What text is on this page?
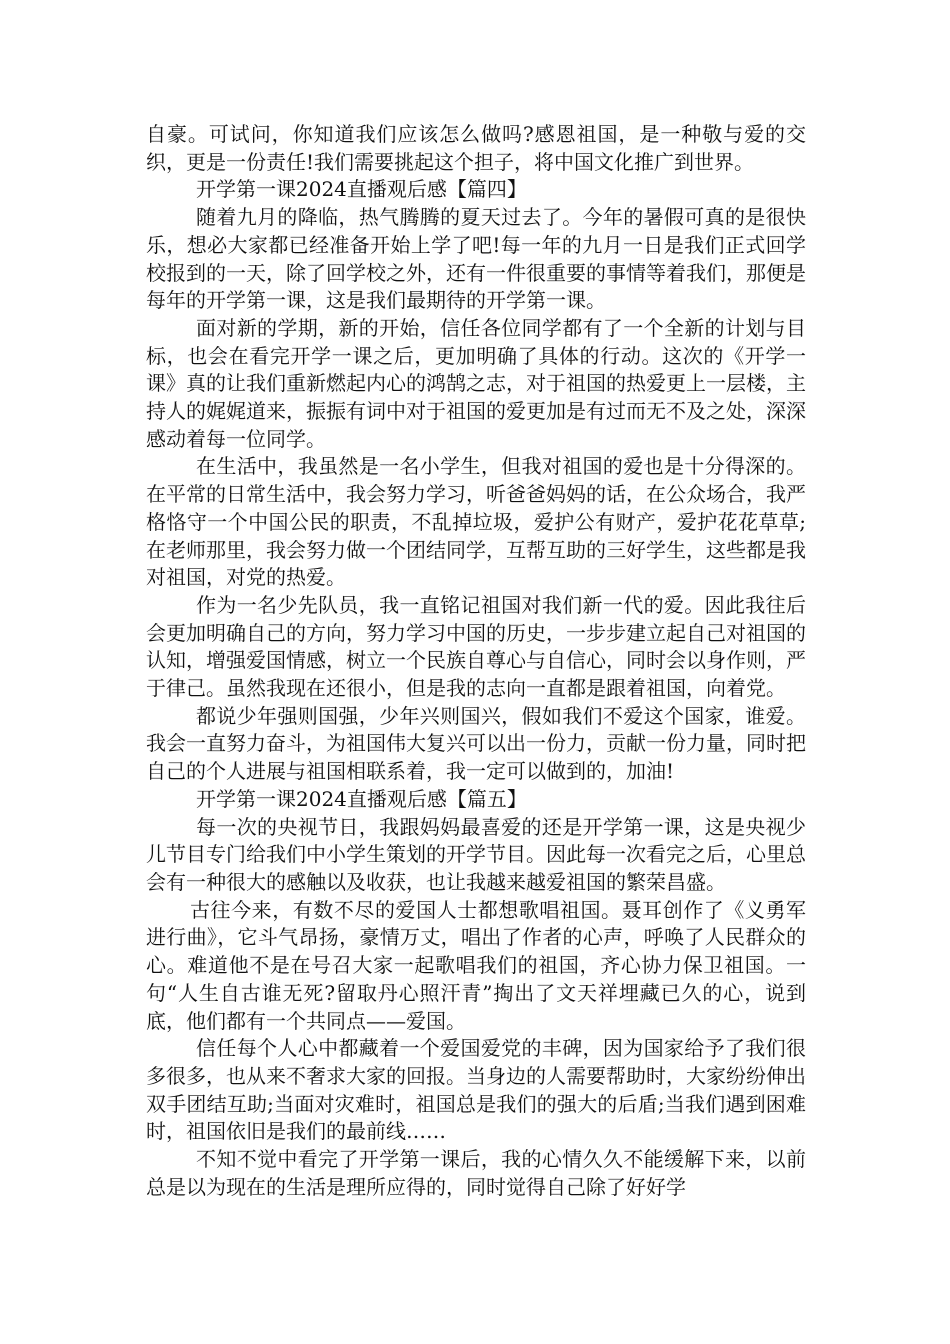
自豪。可试问，你知道我们应该怎么做吗?感恩祖国，是一种敬与爱的交织，更是一份责任!我们需要挑起这个担子，将中国文化推广到世界。

开学第一课2024直播观后感【篇四】

随着九月的降临，热气腾腾的夏天过去了。今年的暑假可真的是很快乐，想必大家都已经准备开始上学了吧!每一年的九月一日是我们正式回学校报到的一天，除了回学校之外，还有一件很重要的事情等着我们，那便是每年的开学第一课，这是我们最期待的开学第一课。

面对新的学期，新的开始，信任各位同学都有了一个全新的计划与目标，也会在看完开学一课之后，更加明确了具体的行动。这次的《开学一课》真的让我们重新燃起内心的鸿鹄之志，对于祖国的热爱更上一层楼，主持人的娓娓道来，振振有词中对于祖国的爱更加是有过而无不及之处，深深感动着每一位同学。

在生活中，我虽然是一名小学生，但我对祖国的爱也是十分得深的。在平常的日常生活中，我会努力学习，听爸爸妈妈的话，在公众场合，我严格恪守一个中国公民的职责，不乱掉垃圾，爱护公有财产，爱护花花草草;在老师那里，我会努力做一个团结同学，互帮互助的三好学生，这些都是我对祖国，对党的热爱。

作为一名少先队员，我一直铭记祖国对我们新一代的爱。因此我往后会更加明确自己的方向，努力学习中国的历史，一步步建立起自己对祖国的认知，增强爱国情感，树立一个民族自尊心与自信心，同时会以身作则，严于律己。虽然我现在还很小，但是我的志向一直都是跟着祖国，向着党。

都说少年强则国强，少年兴则国兴，假如我们不爱这个国家，谁爱。我会一直努力奋斗，为祖国伟大复兴可以出一份力，贡献一份力量，同时把自己的个人进展与祖国相联系着，我一定可以做到的，加油!

开学第一课2024直播观后感【篇五】

每一次的央视节日，我跟妈妈最喜爱的还是开学第一课，这是央视少儿节目专门给我们中小学生策划的开学节目。因此每一次看完之后，心里总会有一种很大的感触以及收获，也让我越来越爱祖国的繁荣昌盛。

古往今来，有数不尽的爱国人士都想歌唱祖国。聂耳创作了《义勇军进行曲》，它斗气昂扬，豪情万丈，唱出了作者的心声，呼唤了人民群众的心。难道他不是在号召大家一起歌唱我们的祖国，齐心协力保卫祖国。一句“人生自古谁无死?留取丹心照汗青”掏出了文天祥埋藏已久的心，说到底，他们都有一个共同点——爱国。

信任每个人心中都藏着一个爱国爱党的丰碑，因为国家给予了我们很多很多，也从来不奢求大家的回报。当身边的人需要帮助时，大家纷纷伸出双手团结互助;当面对灾难时，祖国总是我们的强大的后盾;当我们遇到困难时，祖国依旧是我们的最前线……

不知不觉中看完了开学第一课后，我的心情久久不能缓解下来，以前总是以为现在的生活是理所应得的，同时觉得自己除了好好学
